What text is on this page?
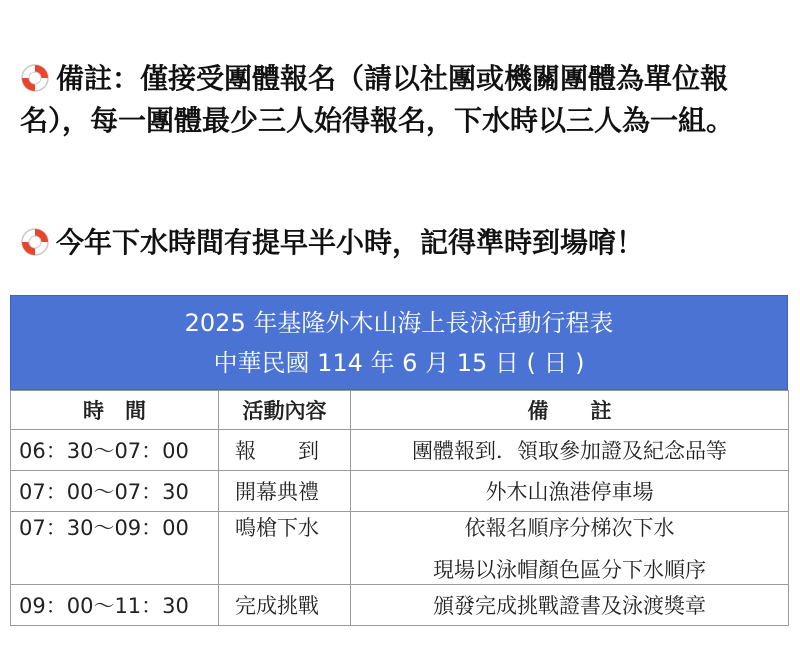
備註：僅接受團體報名（請以社團或機關團體為單位報名），每一團體最少三人始得報名，下水時以三人為一組。
今年下水時間有提早半小時，記得準時到場唷！
2025 年基隆外木山海上長泳活動行程表
中華民國 114 年 6 月 15 日 ( 日 )
時　間	活動內容	備　　註
06：30～07：00	報　　到	團體報到．領取參加證及紀念品等
07：00～07：30	開幕典禮	外木山漁港停車場
07：30～09：00	鳴槍下水	依報名順序分梯次下水
現場以泳帽顏色區分下水順序

09：00～11：30	完成挑戰	頒發完成挑戰證書及泳渡獎章
